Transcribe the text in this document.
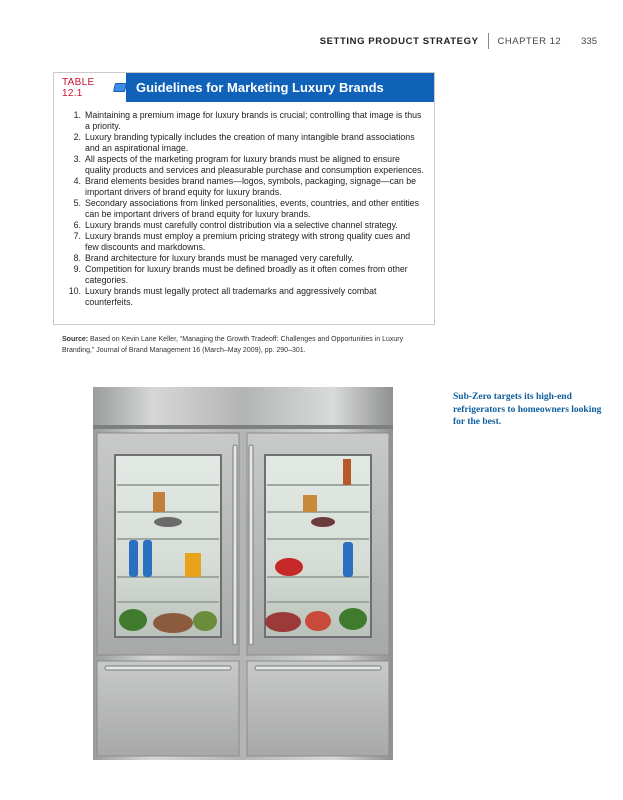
SETTING PRODUCT STRATEGY CHAPTER 12 335
TABLE 12.1	Guidelines for Marketing Luxury Brands
1. Maintaining a premium image for luxury brands is crucial; controlling that image is thus a priority.
2. Luxury branding typically includes the creation of many intangible brand associations and an aspirational image.
3. All aspects of the marketing program for luxury brands must be aligned to ensure quality products and services and pleasurable purchase and consumption experiences.
4. Brand elements besides brand names—logos, symbols, packaging, signage—can be important drivers of brand equity for luxury brands.
5. Secondary associations from linked personalities, events, countries, and other entities can be important drivers of brand equity for luxury brands.
6. Luxury brands must carefully control distribution via a selective channel strategy.
7. Luxury brands must employ a premium pricing strategy with strong quality cues and few discounts and markdowns.
8. Brand architecture for luxury brands must be managed very carefully.
9. Competition for luxury brands must be defined broadly as it often comes from other categories.
10. Luxury brands must legally protect all trademarks and aggressively combat counterfeits.
Source: Based on Kevin Lane Keller, “Managing the Growth Tradeoff: Challenges and Opportunities in Luxury Branding,” Journal of Brand Management 16 (March–May 2009), pp. 290–301.
Sub-Zero targets its high-end refrigerators to homeowners looking for the best.
